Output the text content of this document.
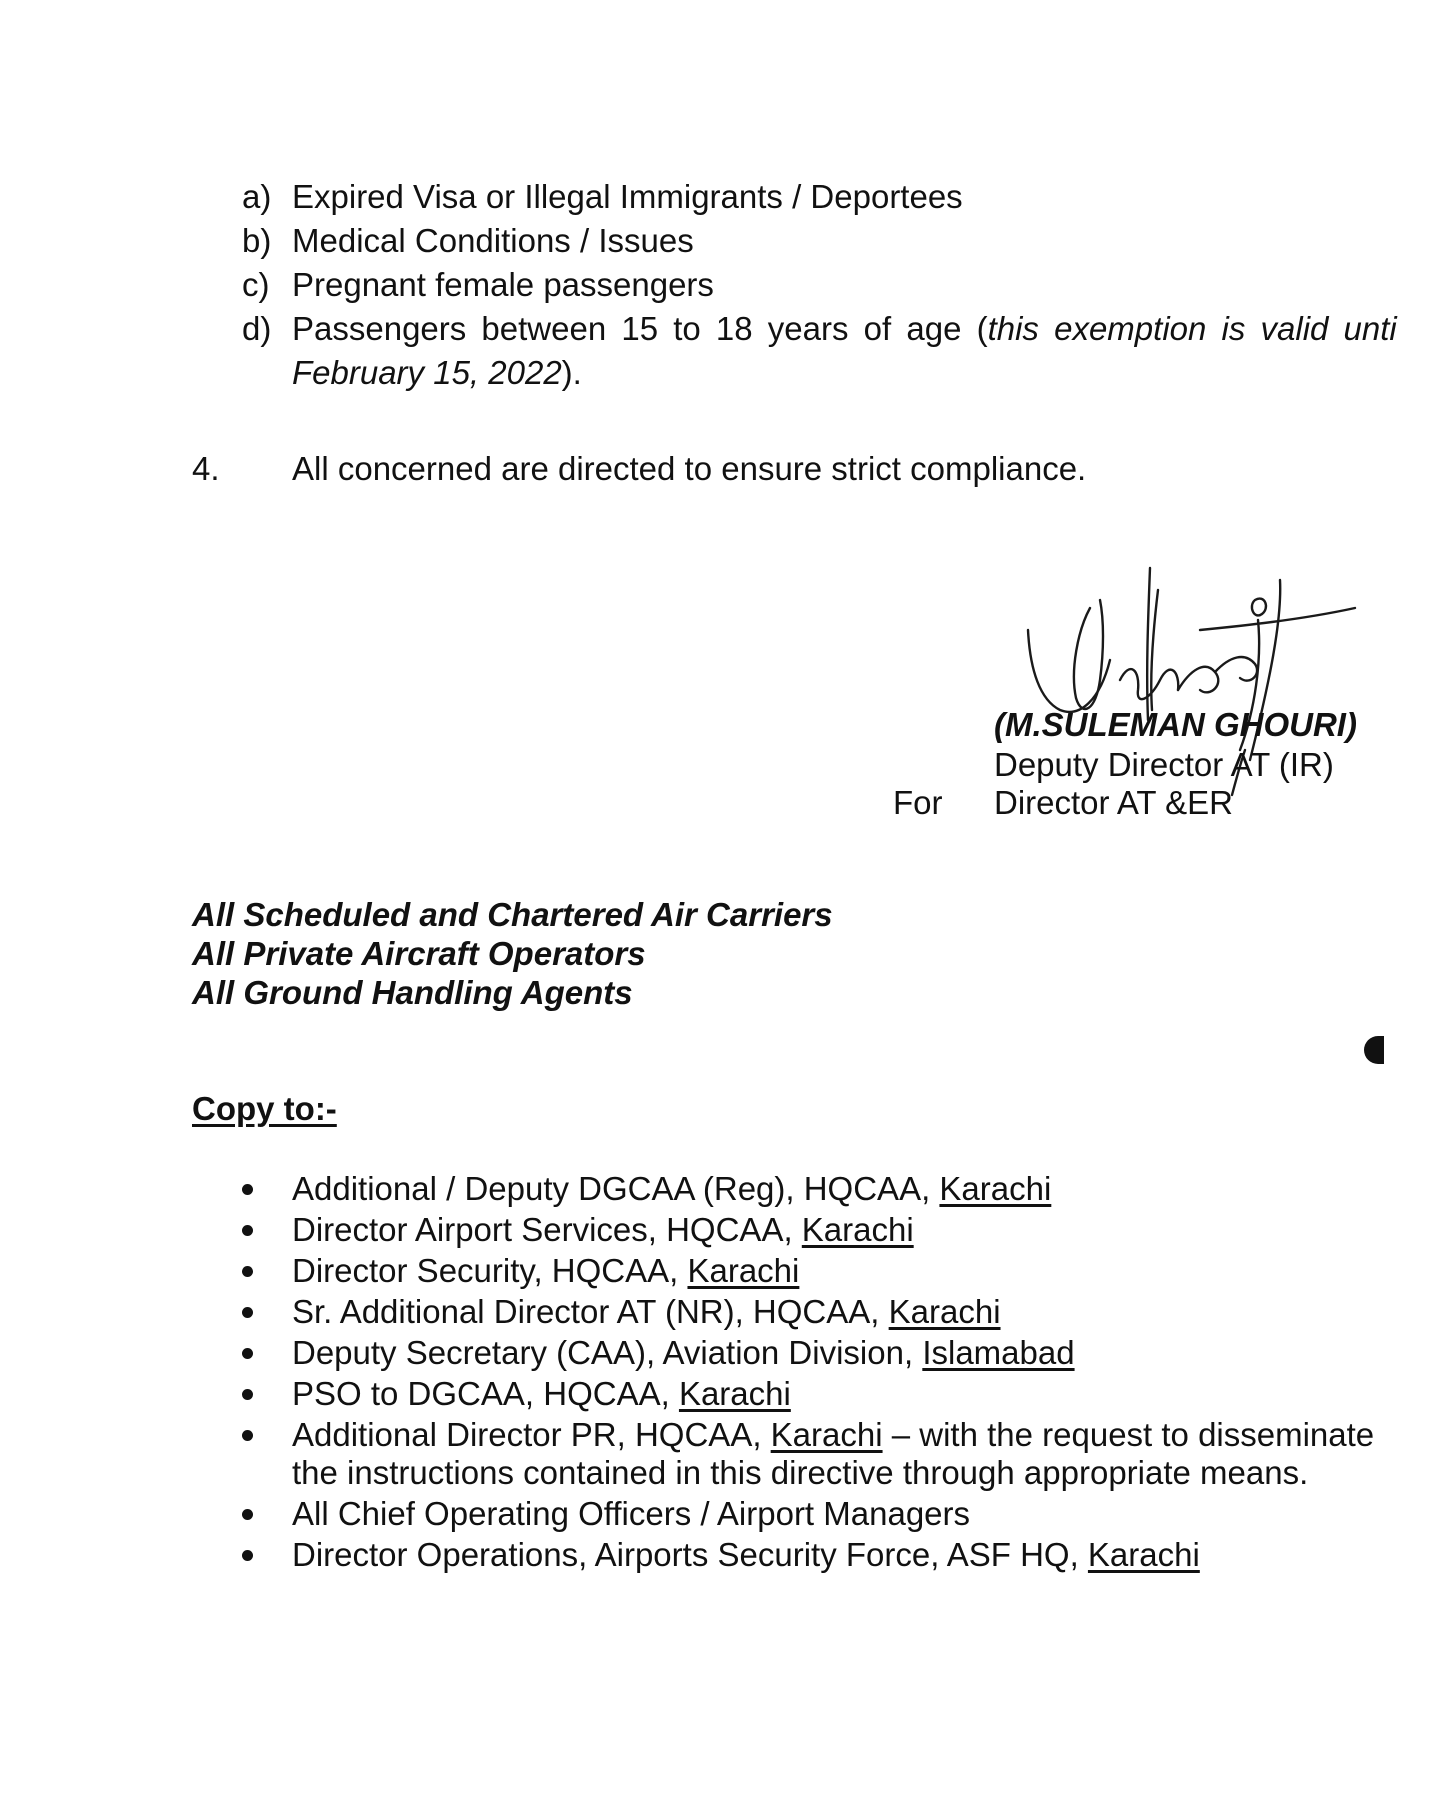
a) Expired Visa or Illegal Immigrants / Deportees
b) Medical Conditions / Issues
c) Pregnant female passengers
d) Passengers between 15 to 18 years of age (this exemption is valid unti
February 15, 2022).
4. All concerned are directed to ensure strict compliance.
(M.SULEMAN GHOURI)
Deputy Director AT (IR)
For Director AT &ER
All Scheduled and Chartered Air Carriers
All Private Aircraft Operators
All Ground Handling Agents
Copy to:-
Additional / Deputy DGCAA (Reg), HQCAA, Karachi
Director Airport Services, HQCAA, Karachi
Director Security, HQCAA, Karachi
Sr. Additional Director AT (NR), HQCAA, Karachi
Deputy Secretary (CAA), Aviation Division, Islamabad
PSO to DGCAA, HQCAA, Karachi
Additional Director PR, HQCAA, Karachi – with the request to disseminate
the instructions contained in this directive through appropriate means.
All Chief Operating Officers / Airport Managers
Director Operations, Airports Security Force, ASF HQ, Karachi
